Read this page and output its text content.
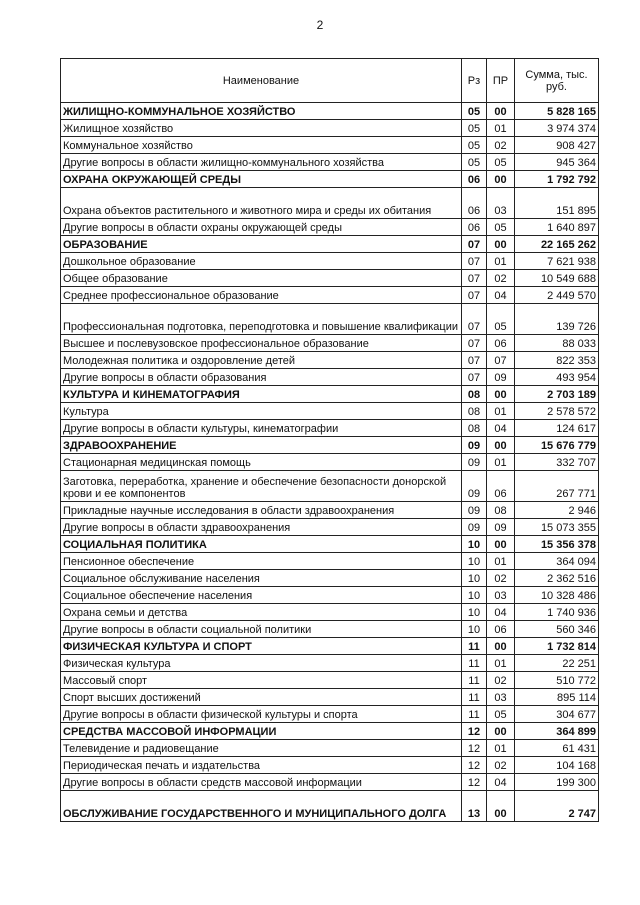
2
Наименование	Рз	ПР	Сумма, тыс. руб.
ЖИЛИЩНО-КОММУНАЛЬНОЕ ХОЗЯЙСТВО	05	00	5 828 165
Жилищное хозяйство	05	01	3 974 374
Коммунальное хозяйство	05	02	908 427
Другие вопросы в области жилищно-коммунального хозяйства	05	05	945 364
ОХРАНА ОКРУЖАЮЩЕЙ СРЕДЫ	06	00	1 792 792
Охрана объектов растительного и животного мира и среды их обитания	06	03	151 895
Другие вопросы в области охраны окружающей среды	06	05	1 640 897
ОБРАЗОВАНИЕ	07	00	22 165 262
Дошкольное образование	07	01	7 621 938
Общее образование	07	02	10 549 688
Среднее профессиональное образование	07	04	2 449 570
Профессиональная подготовка, переподготовка и повышение квалификации	07	05	139 726
Высшее и послевузовское профессиональное образование	07	06	88 033
Молодежная политика и оздоровление детей	07	07	822 353
Другие вопросы в области образования	07	09	493 954
КУЛЬТУРА И КИНЕМАТОГРАФИЯ	08	00	2 703 189
Культура	08	01	2 578 572
Другие вопросы в области культуры, кинематографии	08	04	124 617
ЗДРАВООХРАНЕНИЕ	09	00	15 676 779
Стационарная медицинская помощь	09	01	332 707
Заготовка, переработка, хранение и обеспечение безопасности донорской крови и ее компонентов	09	06	267 771
Прикладные научные исследования в области здравоохранения	09	08	2 946
Другие вопросы в области здравоохранения	09	09	15 073 355
СОЦИАЛЬНАЯ ПОЛИТИКА	10	00	15 356 378
Пенсионное обеспечение	10	01	364 094
Социальное обслуживание населения	10	02	2 362 516
Социальное обеспечение населения	10	03	10 328 486
Охрана семьи и детства	10	04	1 740 936
Другие вопросы в области социальной политики	10	06	560 346
ФИЗИЧЕСКАЯ КУЛЬТУРА И СПОРТ	11	00	1 732 814
Физическая культура	11	01	22 251
Массовый спорт	11	02	510 772
Спорт высших достижений	11	03	895 114
Другие вопросы в области физической культуры и спорта	11	05	304 677
СРЕДСТВА МАССОВОЙ ИНФОРМАЦИИ	12	00	364 899
Телевидение и радиовещание	12	01	61 431
Периодическая печать и издательства	12	02	104 168
Другие вопросы в области средств массовой информации	12	04	199 300
ОБСЛУЖИВАНИЕ ГОСУДАРСТВЕННОГО И МУНИЦИПАЛЬНОГО ДОЛГА	13	00	2 747
